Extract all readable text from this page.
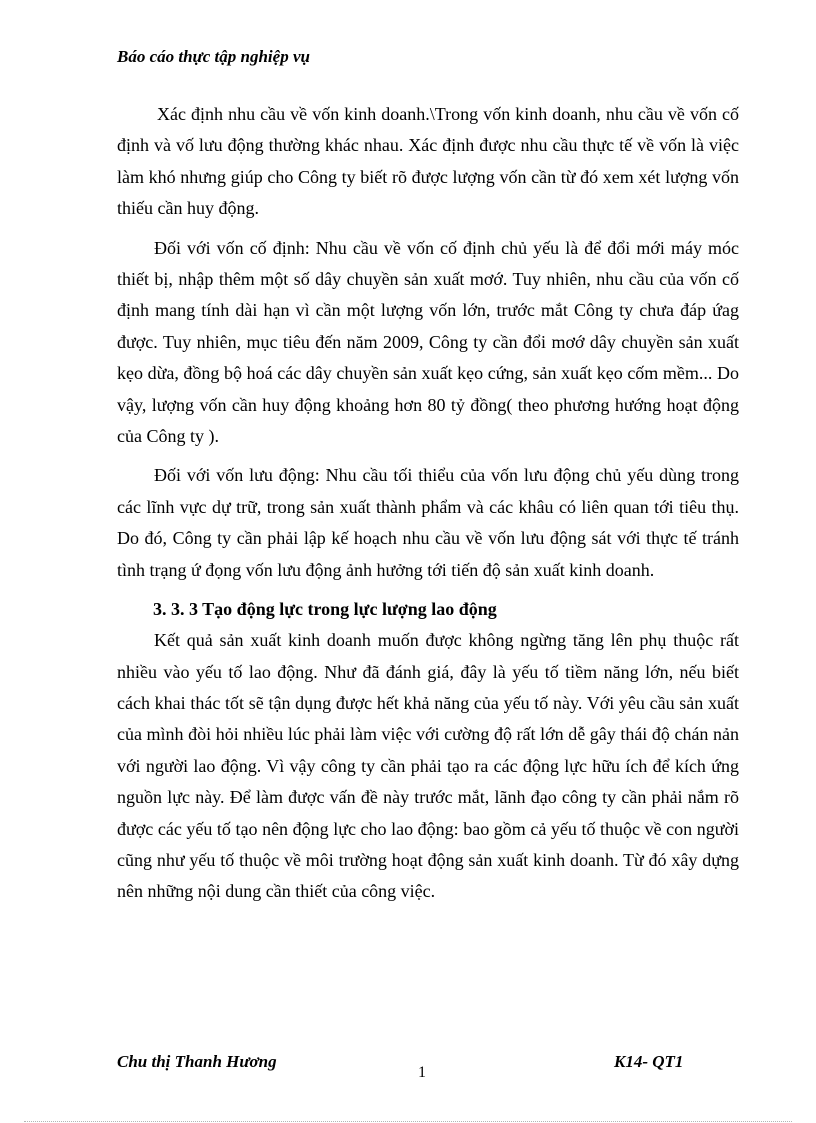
Báo cáo thực tập nghiệp vụ

Xác định nhu cầu về vốn kinh doanh.\Trong vốn kinh doanh, nhu cầu về vốn cố định và vố lưu động thường khác nhau. Xác định được nhu cầu thực tế về vốn là việc làm khó nhưng giúp cho Công ty biết rõ được lượng vốn cần từ đó xem xét lượng vốn thiếu cần huy động.

Đối với vốn cố định: Nhu cầu về vốn cố định chủ yếu là để đổi mới máy móc thiết bị, nhập thêm một số dây chuyền sản xuất mơớ. Tuy nhiên, nhu cầu của vốn cố định mang tính dài hạn vì cần một lượng vốn lớn, trước mắt Công ty chưa đáp ứag được. Tuy nhiên, mục tiêu đến năm 2009, Công ty cần đổi mơớ dây chuyền sản xuất kẹo dừa, đồng bộ hoá các dây chuyền sản xuất kẹo cứng, sản xuất kẹo cốm mềm... Do vậy, lượng vốn cần huy động khoảng hơn 80 tỷ đồng( theo phương hướng hoạt động của Công ty ).

Đối với vốn lưu động: Nhu cầu tối thiểu của vốn lưu động chủ yếu dùng trong các lĩnh vực dự trữ, trong sản xuất thành phẩm và các khâu có liên quan tới tiêu thụ. Do đó, Công ty cần phải lập kế hoạch nhu cầu về vốn lưu động sát với thực tế tránh tình trạng ứ đọng vốn lưu động ảnh hưởng tới tiến độ sản xuất kinh doanh.

3. 3. 3 Tạo động lực trong lực lượng lao động

Kết quả sản xuất kinh doanh muốn được không ngừng tăng lên phụ thuộc rất nhiều vào yếu tố lao động. Như đã đánh giá, đây là yếu tố tiềm năng lớn, nếu biết cách khai thác tốt sẽ tận dụng được hết khả năng của yếu tố này. Với yêu cầu sản xuất của mình đòi hỏi nhiều lúc phải làm việc với cường độ rất lớn dễ gây thái độ chán nản với người lao động. Vì vậy công ty cần phải tạo ra các động lực hữu ích để kích ứng nguồn lực này. Để làm được vấn đề này trước mắt, lãnh đạo công ty cần phải nắm rõ được các yếu tố tạo nên động lực cho lao động: bao gồm cả yếu tố thuộc về con người cũng như yếu tố thuộc về môi trường hoạt động sản xuất kinh doanh. Từ đó xây dựng nên những nội dung cần thiết của công việc.

Chu thị Thanh Hương
1
K14- QT1
